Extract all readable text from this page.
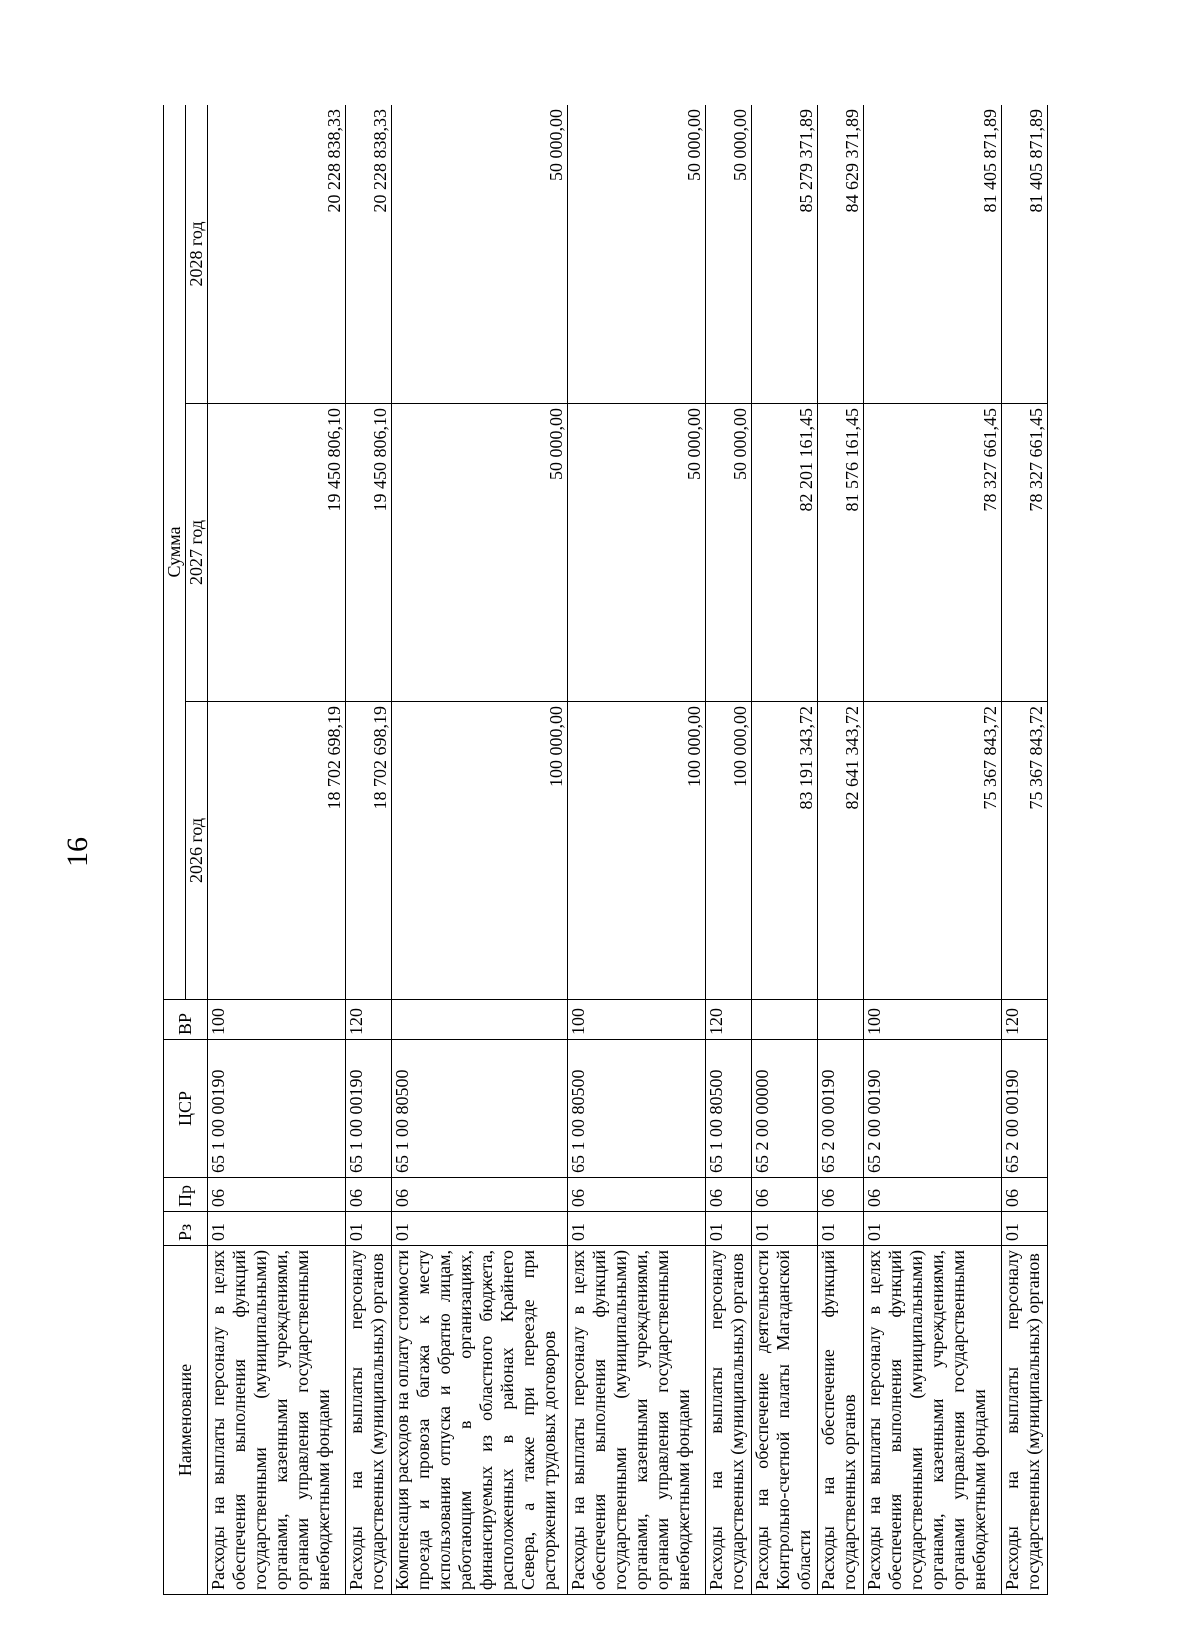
16
Наименование	Рз	Пр	ЦСР	ВР	Сумма		
					2026 год	2027 год	2028 год
Расходы на выплаты персоналу в целях обеспечения выполнения функций государственными (муниципальными) органами, казенными учреждениями, органами управления государственными внебюджетными фондами	01	06	65 1 00 00190	100	18 702 698,19	19 450 806,10	20 228 838,33
Расходы на выплаты персоналу государственных (муниципальных) органов	01	06	65 1 00 00190	120	18 702 698,19	19 450 806,10	20 228 838,33
Компенсация расходов на оплату стоимости проезда и провоза багажа к месту использования отпуска и обратно лицам, работающим в организациях, финансируемых из областного бюджета, расположенных в районах Крайнего Севера, а также при переезде при расторжении трудовых договоров	01	06	65 1 00 80500		100 000,00	50 000,00	50 000,00
Расходы на выплаты персоналу в целях обеспечения выполнения функций государственными (муниципальными) органами, казенными учреждениями, органами управления государственными внебюджетными фондами	01	06	65 1 00 80500	100	100 000,00	50 000,00	50 000,00
Расходы на выплаты персоналу государственных (муниципальных) органов	01	06	65 1 00 80500	120	100 000,00	50 000,00	50 000,00
Расходы на обеспечение деятельности Контрольно-счетной палаты Магаданской области	01	06	65 2 00 00000		83 191 343,72	82 201 161,45	85 279 371,89
Расходы на обеспечение функций государственных органов	01	06	65 2 00 00190		82 641 343,72	81 576 161,45	84 629 371,89
Расходы на выплаты персоналу в целях обеспечения выполнения функций государственными (муниципальными) органами, казенными учреждениями, органами управления государственными внебюджетными фондами	01	06	65 2 00 00190	100	75 367 843,72	78 327 661,45	81 405 871,89
Расходы на выплаты персоналу государственных (муниципальных) органов	01	06	65 2 00 00190	120	75 367 843,72	78 327 661,45	81 405 871,89
